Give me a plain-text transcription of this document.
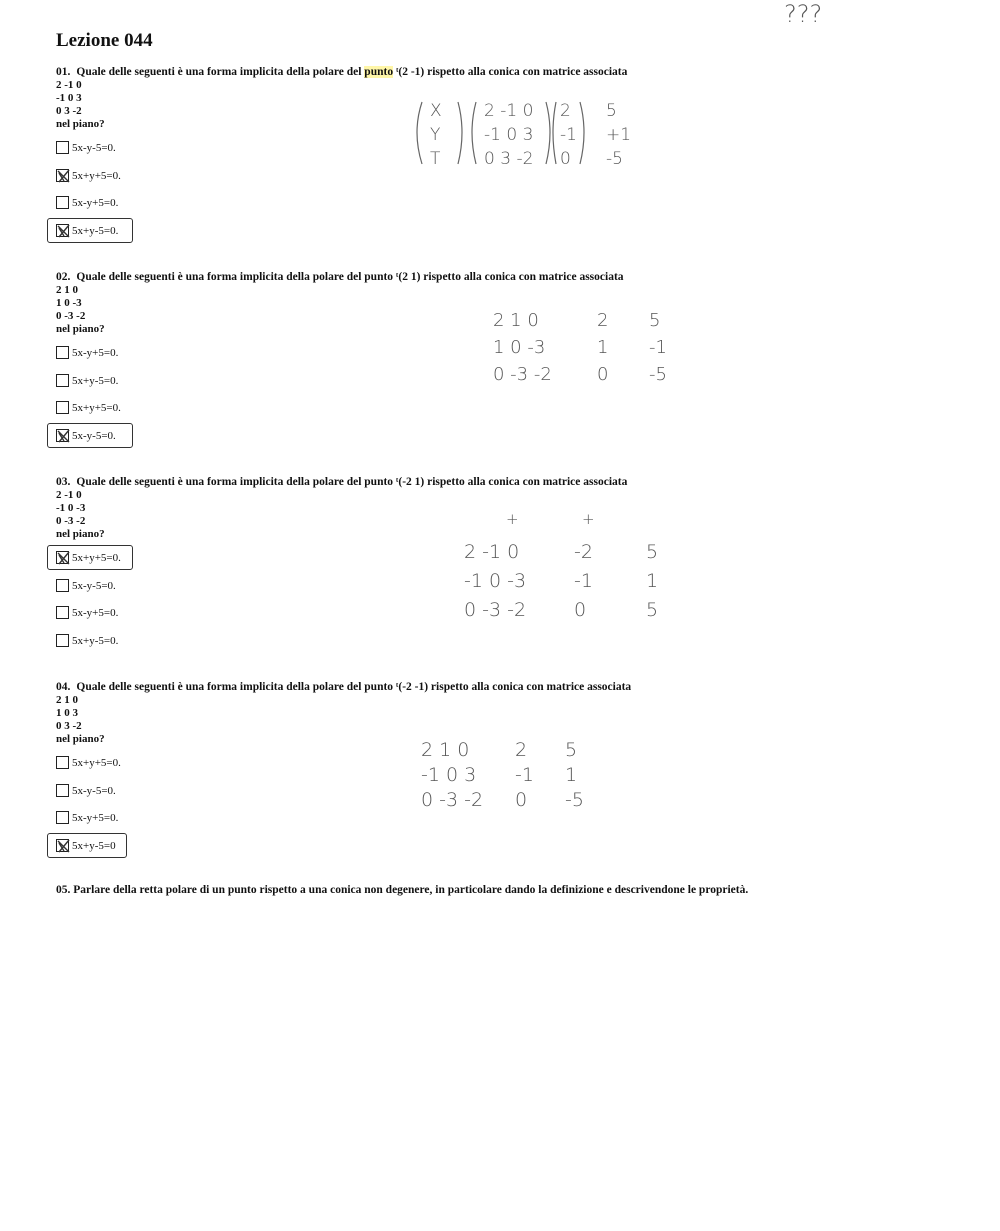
Lezione 044
01. Quale delle seguenti è una forma implicita della polare del punto ᵗ(2 -1) rispetto alla conica con matrice associata
2 -1 0
-1 0 3
0 3 -2
nel piano?
5x-y-5=0.
5x+y+5=0.
5x-y+5=0.
5x+y-5=0.
02. Quale delle seguenti è una forma implicita della polare del punto ᵗ(2 1) rispetto alla conica con matrice associata
2 1 0
1 0 -3
0 -3 -2
nel piano?
5x-y+5=0.
5x+y-5=0.
5x+y+5=0.
5x-y-5=0.
03. Quale delle seguenti è una forma implicita della polare del punto ᵗ(-2 1) rispetto alla conica con matrice associata
2 -1 0
-1 0 -3
0 -3 -2
nel piano?
5x+y+5=0.
5x-y-5=0.
5x-y+5=0.
5x+y-5=0.
04. Quale delle seguenti è una forma implicita della polare del punto ᵗ(-2 -1) rispetto alla conica con matrice associata
2 1 0
1 0 3
0 3 -2
nel piano?
5x+y+5=0.
5x-y-5=0.
5x-y+5=0.
5x+y-5=0
05. Parlare della retta polare di un punto rispetto a una conica non degenere, in particolare dando la definizione e descrivendone le proprietà.
???
X
Y
T
2 -1 0
-1 0 3
0 3 -2
2
-1
0
5
+1
-5
2 1 0
1 0 -3
0 -3 -2
2
1
0
5
-1
-5
+	+
2 -1 0
-1 0 -3
0 -3 -2
-2
-1
0
5
1
5
2 1 0
-1 0 3
0 -3 -2
2
-1
0
5
1
-5
